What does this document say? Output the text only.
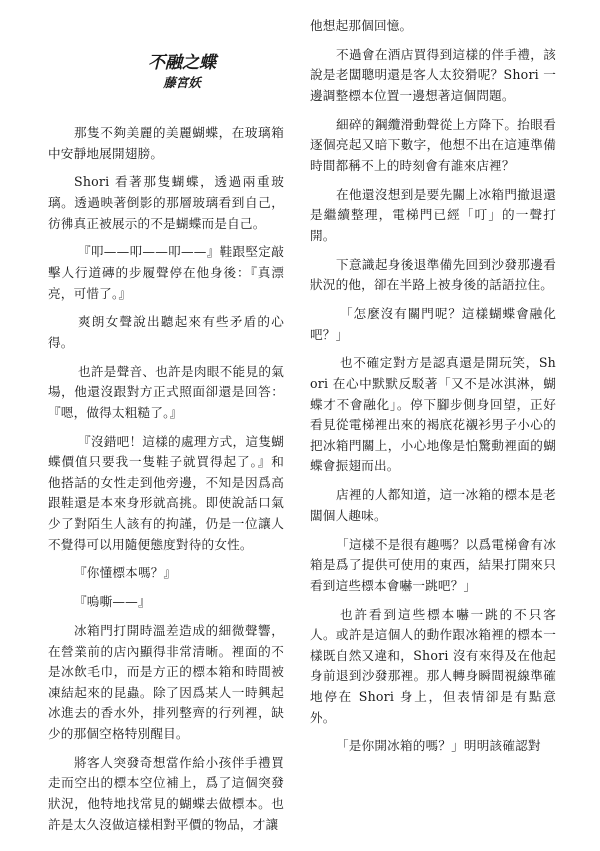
不融之蝶

藤宮妖

那隻不夠美麗的美麗蝴蝶，在玻璃箱中安靜地展開翅膀。

Shori 看著那隻蝴蝶，透過兩重玻璃。透過映著倒影的那層玻璃看到自己，彷彿真正被展示的不是蝴蝶而是自己。

『叩——叩——叩——』鞋跟堅定敲擊人行道磚的步履聲停在他身後：『真漂亮，可惜了。』

爽朗女聲說出聽起來有些矛盾的心得。

也許是聲音、也許是肉眼不能見的氣場，他還沒跟對方正式照面卻還是回答：『嗯，做得太粗糙了。』

『沒錯吧！這樣的處理方式，這隻蝴蝶價值只要我一隻鞋子就買得起了。』和他搭話的女性走到他旁邊，不知是因爲高跟鞋還是本來身形就高挑。即使說話口氣少了對陌生人該有的拘謹，仍是一位讓人不覺得可以用隨便態度對待的女性。

『你懂標本嗎？』

『嗚嘶——』

冰箱門打開時溫差造成的細微聲響，在營業前的店內顯得非常清晰。裡面的不是冰飲毛巾，而是方正的標本箱和時間被凍結起來的昆蟲。除了因爲某人一時興起冰進去的香水外，排列整齊的行列裡，缺少的那個空格特別醒目。

將客人突發奇想當作給小孩伴手禮買走而空出的標本空位補上，爲了這個突發狀況，他特地找常見的蝴蝶去做標本。也許是太久沒做這樣相對平價的物品，才讓

他想起那個回憶。

不過會在酒店買得到這樣的伴手禮，該說是老闆聰明還是客人太狡猾呢？Shori 一邊調整標本位置一邊想著這個問題。

細碎的鋼纜滑動聲從上方降下。抬眼看逐個亮起又暗下數字，他想不出在這連準備時間都稱不上的時刻會有誰來店裡？

在他還沒想到是要先關上冰箱門撤退還是繼續整理，電梯門已經「叮」的一聲打開。

下意識起身後退準備先回到沙發那邊看狀況的他，卻在半路上被身後的話語拉住。

「怎麼沒有關門呢？這樣蝴蝶會融化吧？」

也不確定對方是認真還是開玩笑，Shori 在心中默默反駁著「又不是冰淇淋，蝴蝶才不會融化」。停下腳步側身回望，正好看見從電梯裡出來的褐底花襯衫男子小心的把冰箱門關上，小心地像是怕驚動裡面的蝴蝶會振翅而出。

店裡的人都知道，這一冰箱的標本是老闆個人趣味。

「這樣不是很有趣嗎？以爲電梯會有冰箱是爲了提供可使用的東西，結果打開來只看到這些標本會嚇一跳吧？」

也許看到這些標本嚇一跳的不只客人。或許是這個人的動作跟冰箱裡的標本一樣既自然又違和，Shori 沒有來得及在他起身前退到沙發那裡。那人轉身瞬間視線準確地停在 Shori 身上，但表情卻是有點意外。

「是你開冰箱的嗎？」明明該確認對
